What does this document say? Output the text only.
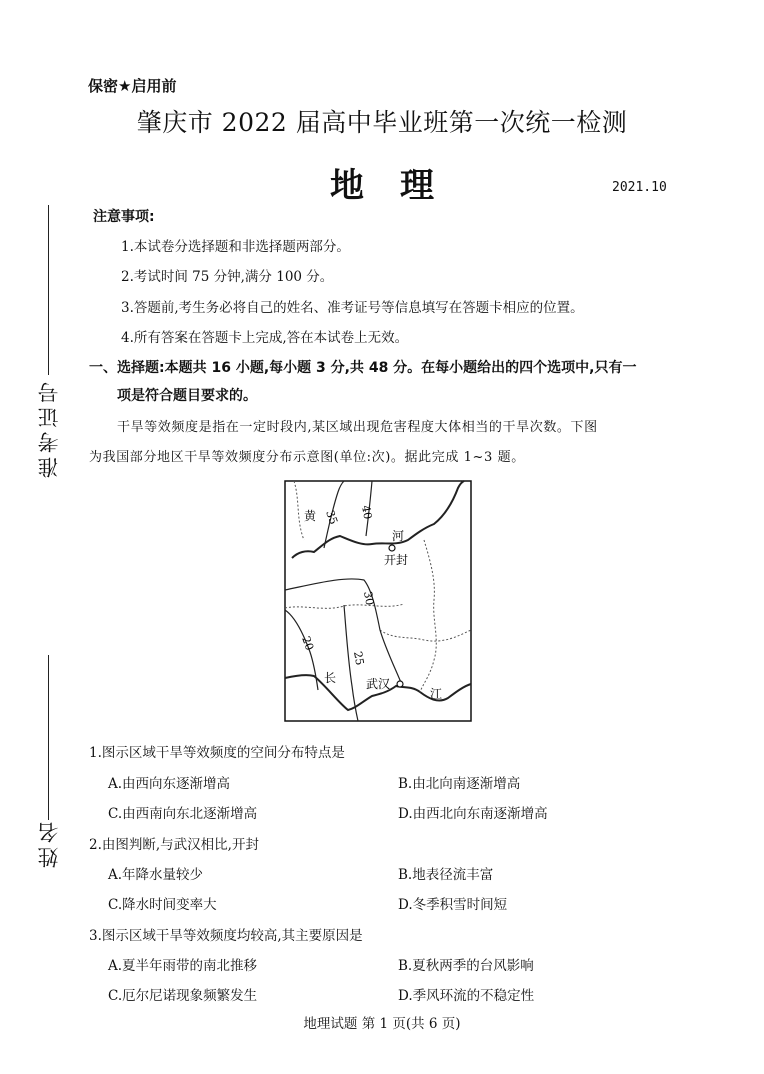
准考证号
姓名
保密★启用前
肇庆市 2022 届高中毕业班第一次统一检测
地理	2021.10
注意事项:
1.本试卷分选择题和非选择题两部分。
2.考试时间 75 分钟,满分 100 分。
3.答题前,考生务必将自己的姓名、准考证号等信息填写在答题卡相应的位置。
4.所有答案在答题卡上完成,答在本试卷上无效。
一、选择题:本题共 16 小题,每小题 3 分,共 48 分。在每小题给出的四个选项中,只有一
项是符合题目要求的。
干旱等效频度是指在一定时段内,某区域出现危害程度大体相当的干旱次数。下图
为我国部分地区干旱等效频度分布示意图(单位:次)。据此完成 1~3 题。
黄
河
开封
长 武汉
江
35 40
30
25
20
1.图示区域干旱等效频度的空间分布特点是
A.由西向东逐渐增高	B.由北向南逐渐增高
C.由西南向东北逐渐增高	D.由西北向东南逐渐增高
2.由图判断,与武汉相比,开封
A.年降水量较少	B.地表径流丰富
C.降水时间变率大	D.冬季积雪时间短
3.图示区域干旱等效频度均较高,其主要原因是
A.夏半年雨带的南北推移	B.夏秋两季的台风影响
C.厄尔尼诺现象频繁发生	D.季风环流的不稳定性
地理试题 第 1 页(共 6 页)
